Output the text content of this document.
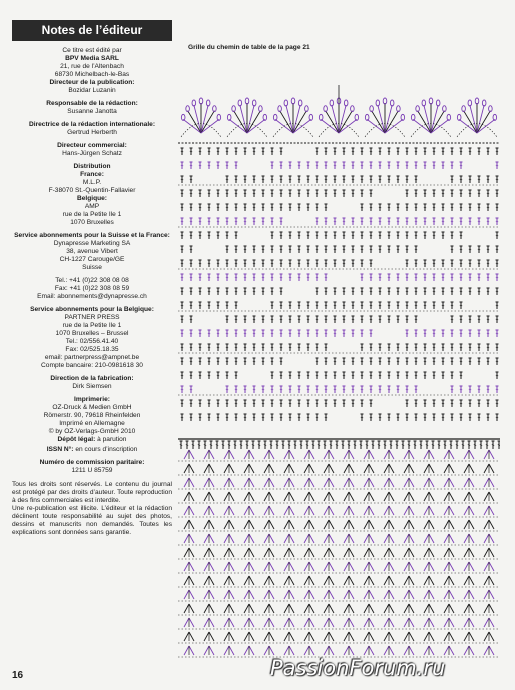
Notes de l’éditeur
Ce titre est édité par
BPV Media SARL
21, rue de l’Altenbach
68730 Michelbach-le-Bas
Directeur de la publication:
Bozidar Luzanin
Responsable de la rédaction:
Susanne Janotta
Directrice de la rédaction internationale:
Gertrud Herberth
Directeur commercial:
Hans-Jürgen Schatz
Distribution
France:
M.L.P.
F-38070 St.-Quentin-Fallavier
Belgique:
AMP
rue de la Petite Ile 1
1070 Bruxelles
Service abonnements pour la Suisse et la France:
Dynapresse Marketing SA
38, avenue Vibert
CH-1227 Carouge/GE
Suisse
Tel.: +41 (0)22 308 08 08
Fax: +41 (0)22 308 08 59
Email: abonnements@dynapresse.ch
Service abonnements pour la Belgique:
PARTNER PRESS
rue de la Petite Ile 1
1070 Bruxelles – Brussel
Tel.: 02/556.41.40
Fax: 02/525.18.35
email: partnerpress@ampnet.be
Compte bancaire: 210-0981618 30
Direction de la fabrication:
Dirk Siemsen
Imprimerie:
OZ-Druck & Medien GmbH
Römerstr. 90, 79618 Rheinfelden
Imprimé en Allemagne
© by OZ-Verlags-GmbH 2010
Dépôt légal: à parution
ISSN N°: en cours d’inscription
Numéro de commission paritaire:
1211 U 85759

Tous les droits sont réservés. Le contenu du journal est protégé par des droits d’auteur. Toute reproduction à des fins commerciales est interdite.

Une re-publication est illicite. L’éditeur et la rédaction déclinent toute responsabilité au sujet des photos, dessins et manuscrits non demandés. Toutes les explications sont données sans garantie.

16
Grille du chemin de table de la page 21
PassionForum.ru
